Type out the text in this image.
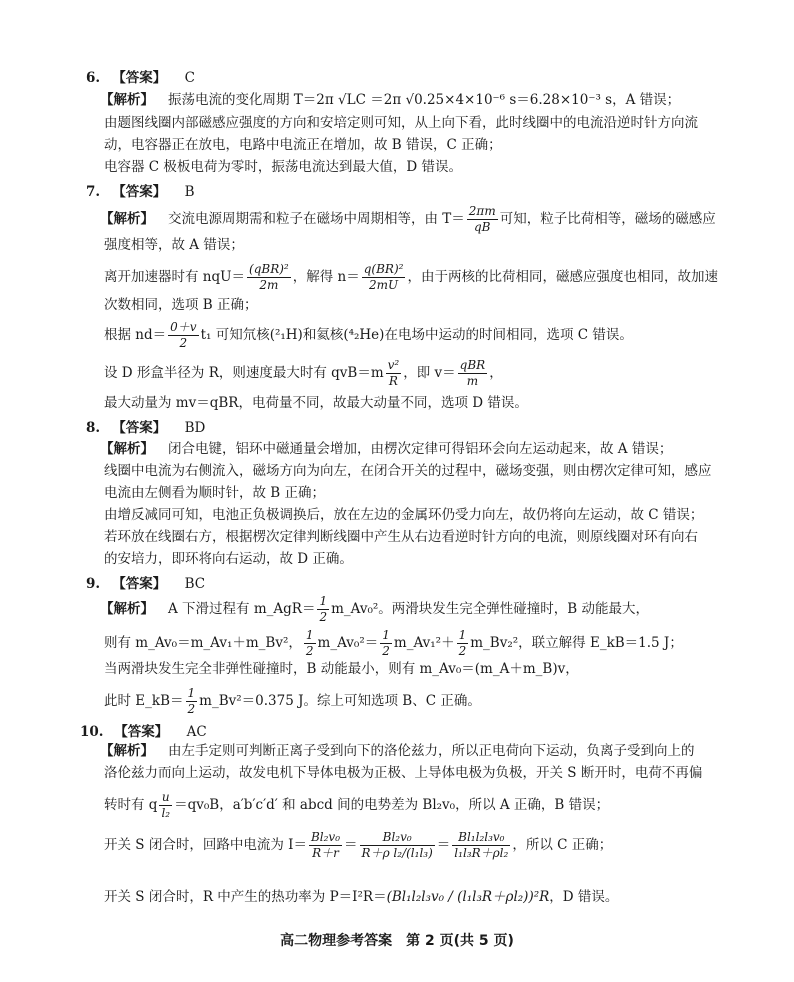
6. 【答案】 C
【解析】 振荡电流的变化周期 T＝2π √LC ＝2π √0.25×4×10⁻⁶ s＝6.28×10⁻³ s，A 错误；
由题图线圈内部磁感应强度的方向和安培定则可知，从上向下看，此时线圈中的电流沿逆时针方向流
动，电容器正在放电，电路中电流正在增加，故 B 错误，C 正确；
电容器 C 极板电荷为零时，振荡电流达到最大值，D 错误。
7. 【答案】 B
【解析】 交流电源周期需和粒子在磁场中周期相等，由 $T= \frac{2\pi m}{qB}$ 可知，粒子比荷相等，磁场的磁感应
强度相等，故 A 错误；
离开加速器时有 $nqU= \frac{\text{(qBR)²}}{2m}$ ，解得 $n= \frac{\text{q(BR)²}}{2mU}$ ，由于两核的比荷相同，磁感应强度也相同，故加速
次数相同，选项 B 正确；
根据 $nd= \frac{0+v}{2} t_1$ 可知氘核(²₁H)和氦核(⁴₂He)在电场中运动的时间相同，选项 C 错误。
设 D 形盒半径为 R，则速度最大时有 $qvB=m \frac{\text{v²}}{R}$ ，即 $v= \frac{\text{qBR}}{m}$ ，
最大动量为 mv＝qBR，电荷量不同，故最大动量不同，选项 D 错误。
8. 【答案】 BD
【解析】 闭合电键，铝环中磁通量会增加，由楞次定律可得铝环会向左运动起来，故 A 错误；
线圈中电流为右侧流入，磁场方向为向左，在闭合开关的过程中，磁场变强，则由楞次定律可知，感应
电流由左侧看为顺时针，故 B 正确；
由增反减同可知，电池正负极调换后，放在左边的金属环仍受力向左，故仍将向左运动，故 C 错误；
若环放在线圈右方，根据楞次定律判断线圈中产生从右边看逆时针方向的电流，则原线圈对环有向右
的安培力，即环将向右运动，故 D 正确。
9. 【答案】 BC
【解析】 A 下滑过程有 m_AgR＝ $\frac{1}{2}$ m_Av₀²。两滑块发生完全弹性碰撞时，B 动能最大，
则有 m_Av₀＝m_Av₁＋m_Bv²， $\frac{1}{2}$ m_Av₀²＝ $\frac{1}{2}$ m_Av₁²＋ $\frac{1}{2}$ m_Bv₂²，联立解得 E_kB＝1.5 J；
当两滑块发生完全非弹性碰撞时，B 动能最小，则有 m_Av₀＝(m_A＋m_B)v，
此时 E_kB＝ $\frac{1}{2}$ m_Bv²＝0.375 J。综上可知选项 B、C 正确。
10. 【答案】 AC
【解析】 由左手定则可判断正离子受到向下的洛伦兹力，所以正电荷向下运动，负离子受到向上的
洛伦兹力而向上运动，故发电机下导体电极为正极、上导体电极为负极，开关 S 断开时，电荷不再偏
转时有 q $\frac{u}{\text{l₂}} =qv_0B$，a′b′c′d′ 和 abcd 间的电势差为 Bl₂v₀，所以 A 正确，B 错误；
开关 S 闭合时，回路中电流为 $I= \frac{\text{Bl₂v₀}}{R+r} = \frac{\text{Bl₂v₀}}{\text{R＋ρ l₂/(l₁l₃)}} = \frac{\text{Bl₁l₂l₃v₀}}{\text{l₁l₃R＋ρl₂}}$ ，所以 C 正确；
开关 S 闭合时，R 中产生的热功率为 P＝I²R＝(Bl₁l₂l₃v₀ / (l₁l₃R＋ρl₂))²R，D 错误。
高二物理参考答案　第 2 页(共 5 页)
